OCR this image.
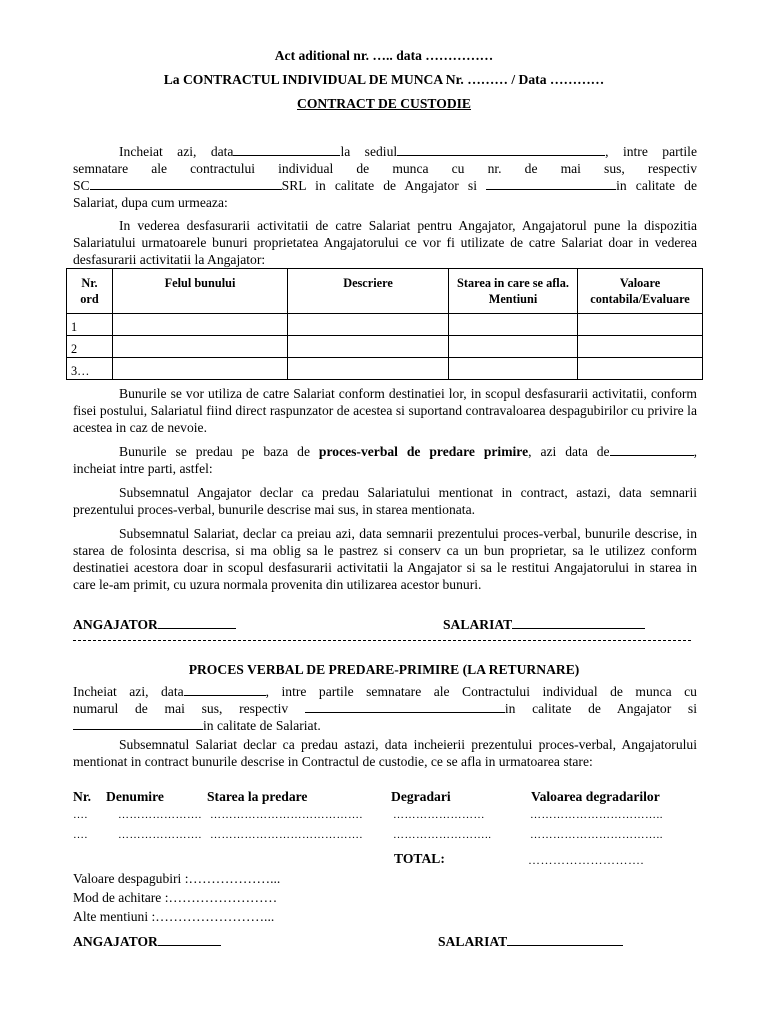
Act aditional nr. ….. data ……………
La CONTRACTUL INDIVIDUAL DE MUNCA Nr. ……… / Data …………
CONTRACT DE CUSTODIE

Incheiat azi, data	la sediul	, intre partile

semnatare ale contractului individual de munca cu nr. de mai sus, respectiv

SC	SRL in calitate de Angajator si	in calitate de

Salariat, dupa cum urmeaza:

In vederea desfasurarii activitatii de catre Salariat pentru Angajator, Angajatorul pune la dispozitia Salariatului urmatoarele bunuri proprietatea Angajatorului ce vor fi utilizate de catre Salariat doar in vederea desfasurarii activitatii la Angajator:

Nr. ord	Felul bunului	Descriere	Starea in care se afla. Mentiuni	Valoare contabila/Evaluare
1				
2				
3…				

Bunurile se vor utiliza de catre Salariat conform destinatiei lor, in scopul desfasurarii activitatii, conform fisei postului, Salariatul fiind direct raspunzator de acestea si suportand contravaloarea despagubirilor cu privire la acestea in caz de nevoie.

Bunurile se predau pe baza de proces-verbal de predare primire, azi data de	,

incheiat intre parti, astfel:

Subsemnatul Angajator declar ca predau Salariatului mentionat in contract, astazi, data semnarii prezentului proces-verbal, bunurile descrise mai sus, in starea mentionata.

Subsemnatul Salariat, declar ca preiau azi, data semnarii prezentului proces-verbal, bunurile descrise, in starea de folosinta descrisa, si ma oblig sa le pastrez si conserv ca un bun proprietar, sa le utilizez conform destinatiei acestora doar in scopul desfasurarii activitatii la Angajator si sa le restitui Angajatorului in starea in care le-am primit, cu uzura normala provenita din utilizarea acestor bunuri.

ANGAJATOR	SALARIAT
PROCES VERBAL DE PREDARE-PRIMIRE (LA RETURNARE)

Incheiat azi, data	, intre partile semnatare ale Contractului individual de munca cu

numarul de mai sus, respectiv	in calitate de Angajator si

in calitate de Salariat.

Subsemnatul Salariat declar ca predau astazi, data incheierii prezentului proces-verbal, Angajatorului mentionat in contract bunurile descrise in Contractul de custodie, ce se afla in urmatoarea stare:

Nr. Denumire	Starea la predare	Degradari	Valoarea degradarilor
….	…………………. ………………………………….	……………………	……………………………..
….	…………………. ………………………………….	……………………..	……………………………..
TOTAL:	……………………….
Valoare despagubiri :………………...
Mod de achitare :……………………
Alte mentiuni :……………………...
ANGAJATOR	SALARIAT
